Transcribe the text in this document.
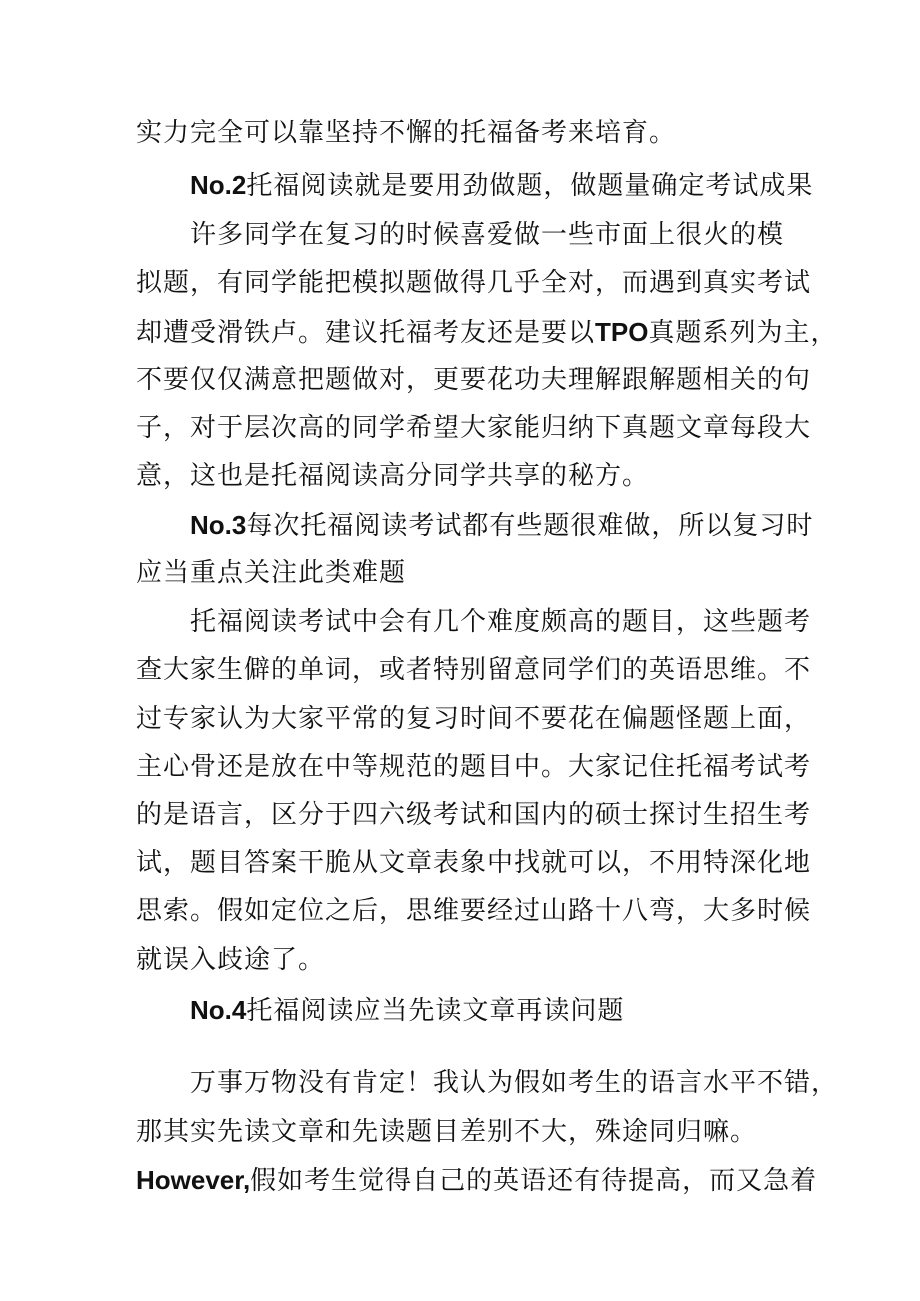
实力完全可以靠坚持不懈的托福备考来培育。
No.2托福阅读就是要用劲做题，做题量确定考试成果
许多同学在复习的时候喜爱做一些市面上很火的模
拟题，有同学能把模拟题做得几乎全对，而遇到真实考试
却遭受滑铁卢。建议托福考友还是要以TPO真题系列为主，
不要仅仅满意把题做对，更要花功夫理解跟解题相关的句
子，对于层次高的同学希望大家能归纳下真题文章每段大
意，这也是托福阅读高分同学共享的秘方。
No.3每次托福阅读考试都有些题很难做，所以复习时
应当重点关注此类难题
托福阅读考试中会有几个难度颇高的题目，这些题考
查大家生僻的单词，或者特别留意同学们的英语思维。不
过专家认为大家平常的复习时间不要花在偏题怪题上面，
主心骨还是放在中等规范的题目中。大家记住托福考试考
的是语言，区分于四六级考试和国内的硕士探讨生招生考
试，题目答案干脆从文章表象中找就可以，不用特深化地
思索。假如定位之后，思维要经过山路十八弯，大多时候
就误入歧途了。
No.4托福阅读应当先读文章再读问题
万事万物没有肯定！我认为假如考生的语言水平不错，
那其实先读文章和先读题目差别不大，殊途同归嘛。
However,假如考生觉得自己的英语还有待提高，而又急着
